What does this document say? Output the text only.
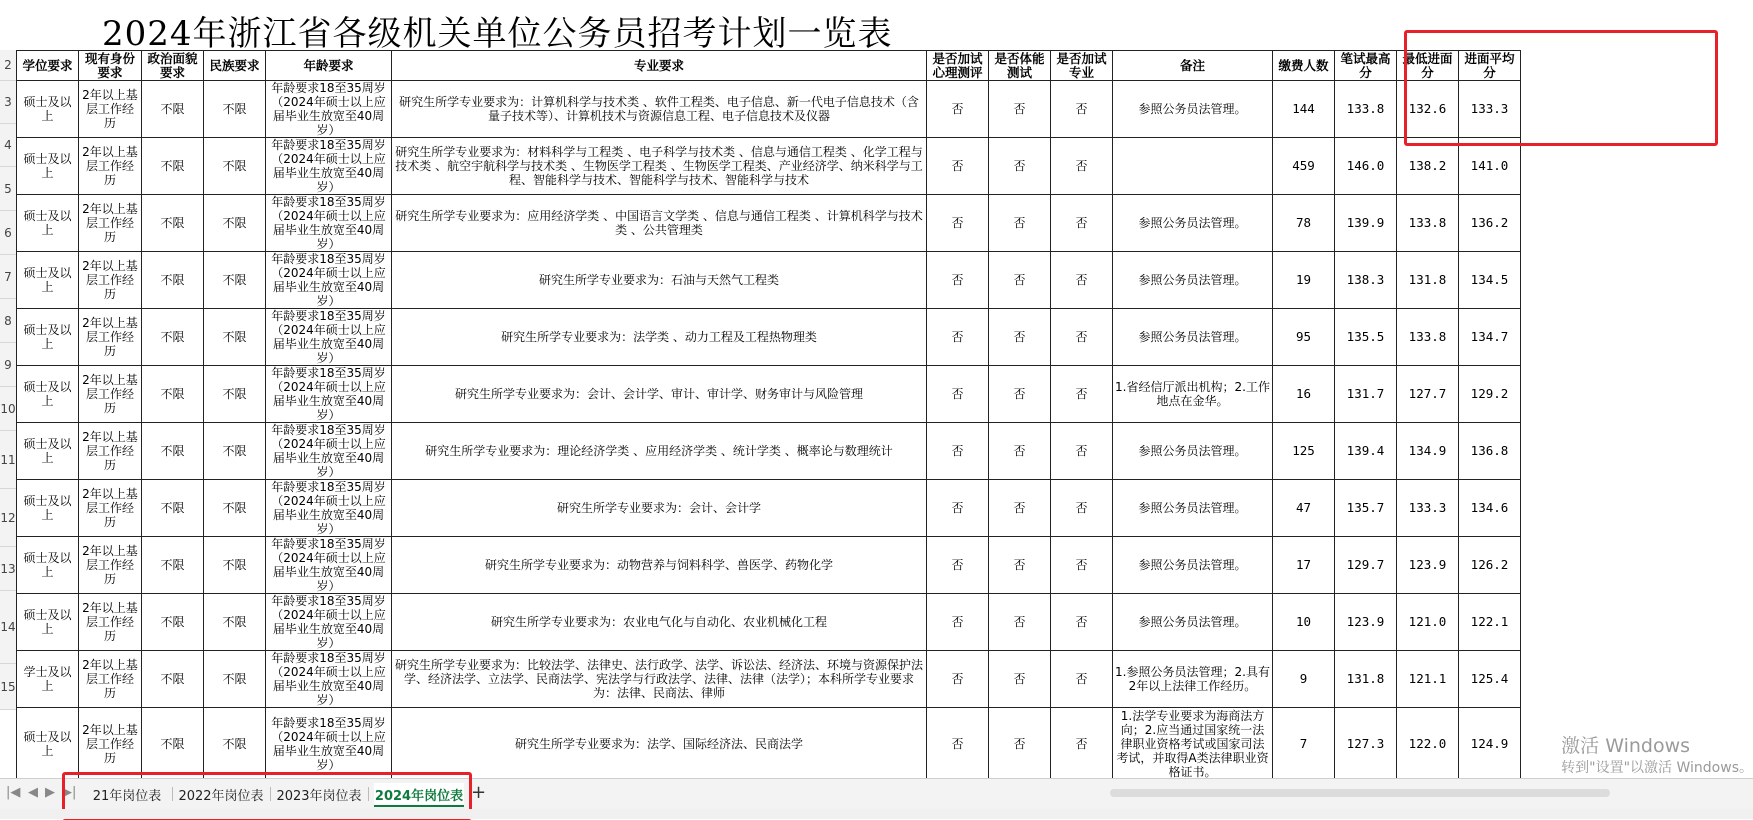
2024年浙江省各级机关单位公务员招考计划一览表
学位要求	现有身份要求	政治面貌要求	民族要求	年龄要求	专业要求	是否加试心理测评	是否体能测试	是否加试专业	备注	缴费人数	笔试最高分	最低进面分	进面平均分
硕士及以上	2年以上基层工作经历	不限	不限	年龄要求18至35周岁（2024年硕士以上应届毕业生放宽至40周岁）	研究生所学专业要求为：计算机科学与技术类 、软件工程类、电子信息、新一代电子信息技术（含量子技术等）、计算机技术与资源信息工程、电子信息技术及仪器	否	否	否	参照公务员法管理。	144	133.8	132.6	133.3
硕士及以上	2年以上基层工作经历	不限	不限	年龄要求18至35周岁（2024年硕士以上应届毕业生放宽至40周岁）	研究生所学专业要求为：材料科学与工程类 、电子科学与技术类 、信息与通信工程类 、化学工程与技术类 、航空宇航科学与技术类 、生物医学工程类 、生物医学工程类、产业经济学、纳米科学与工程、智能科学与技术、智能科学与技术、智能科学与技术	否	否	否		459	146.0	138.2	141.0
硕士及以上	2年以上基层工作经历	不限	不限	年龄要求18至35周岁（2024年硕士以上应届毕业生放宽至40周岁）	研究生所学专业要求为：应用经济学类 、中国语言文学类 、信息与通信工程类 、计算机科学与技术类 、公共管理类	否	否	否	参照公务员法管理。	78	139.9	133.8	136.2
硕士及以上	2年以上基层工作经历	不限	不限	年龄要求18至35周岁（2024年硕士以上应届毕业生放宽至40周岁）	研究生所学专业要求为：石油与天然气工程类	否	否	否	参照公务员法管理。	19	138.3	131.8	134.5
硕士及以上	2年以上基层工作经历	不限	不限	年龄要求18至35周岁（2024年硕士以上应届毕业生放宽至40周岁）	研究生所学专业要求为：法学类 、动力工程及工程热物理类	否	否	否	参照公务员法管理。	95	135.5	133.8	134.7
硕士及以上	2年以上基层工作经历	不限	不限	年龄要求18至35周岁（2024年硕士以上应届毕业生放宽至40周岁）	研究生所学专业要求为：会计、会计学、审计、审计学、财务审计与风险管理	否	否	否	1.省经信厅派出机构；2.工作地点在金华。	16	131.7	127.7	129.2
硕士及以上	2年以上基层工作经历	不限	不限	年龄要求18至35周岁（2024年硕士以上应届毕业生放宽至40周岁）	研究生所学专业要求为：理论经济学类 、应用经济学类 、统计学类 、概率论与数理统计	否	否	否	参照公务员法管理。	125	139.4	134.9	136.8
硕士及以上	2年以上基层工作经历	不限	不限	年龄要求18至35周岁（2024年硕士以上应届毕业生放宽至40周岁）	研究生所学专业要求为：会计、会计学	否	否	否	参照公务员法管理。	47	135.7	133.3	134.6
硕士及以上	2年以上基层工作经历	不限	不限	年龄要求18至35周岁（2024年硕士以上应届毕业生放宽至40周岁）	研究生所学专业要求为：动物营养与饲料科学、兽医学、药物化学	否	否	否	参照公务员法管理。	17	129.7	123.9	126.2
硕士及以上	2年以上基层工作经历	不限	不限	年龄要求18至35周岁（2024年硕士以上应届毕业生放宽至40周岁）	研究生所学专业要求为：农业电气化与自动化、农业机械化工程	否	否	否	参照公务员法管理。	10	123.9	121.0	122.1
学士及以上	2年以上基层工作经历	不限	不限	年龄要求18至35周岁（2024年硕士以上应届毕业生放宽至40周岁）	研究生所学专业要求为：比较法学、法律史、法行政学、法学、诉讼法、经济法、环境与资源保护法学、经济法学、立法学、民商法学、宪法学与行政法学、法律、法律（法学）；本科所学专业要求为：法律、民商法、律师	否	否	否	1.参照公务员法管理；2.具有2年以上法律工作经历。	9	131.8	121.1	125.4
硕士及以上	2年以上基层工作经历	不限	不限	年龄要求18至35周岁（2024年硕士以上应届毕业生放宽至40周岁）	研究生所学专业要求为：法学、国际经济法、民商法学	否	否	否	1.法学专业要求为海商法方向；2.应当通过国家统一法律职业资格考试或国家司法考试，并取得A类法律职业资格证书。	7	127.3	122.0	124.9

2
3
4
5
6
7
8
9
10
11
12
13
14
15
激活 Windows
转到"设置"以激活 Windows。
|◀ ◀ ▶ ▶|	21年岗位表	2022年岗位表 2023年岗位表 2024年岗位表 +
